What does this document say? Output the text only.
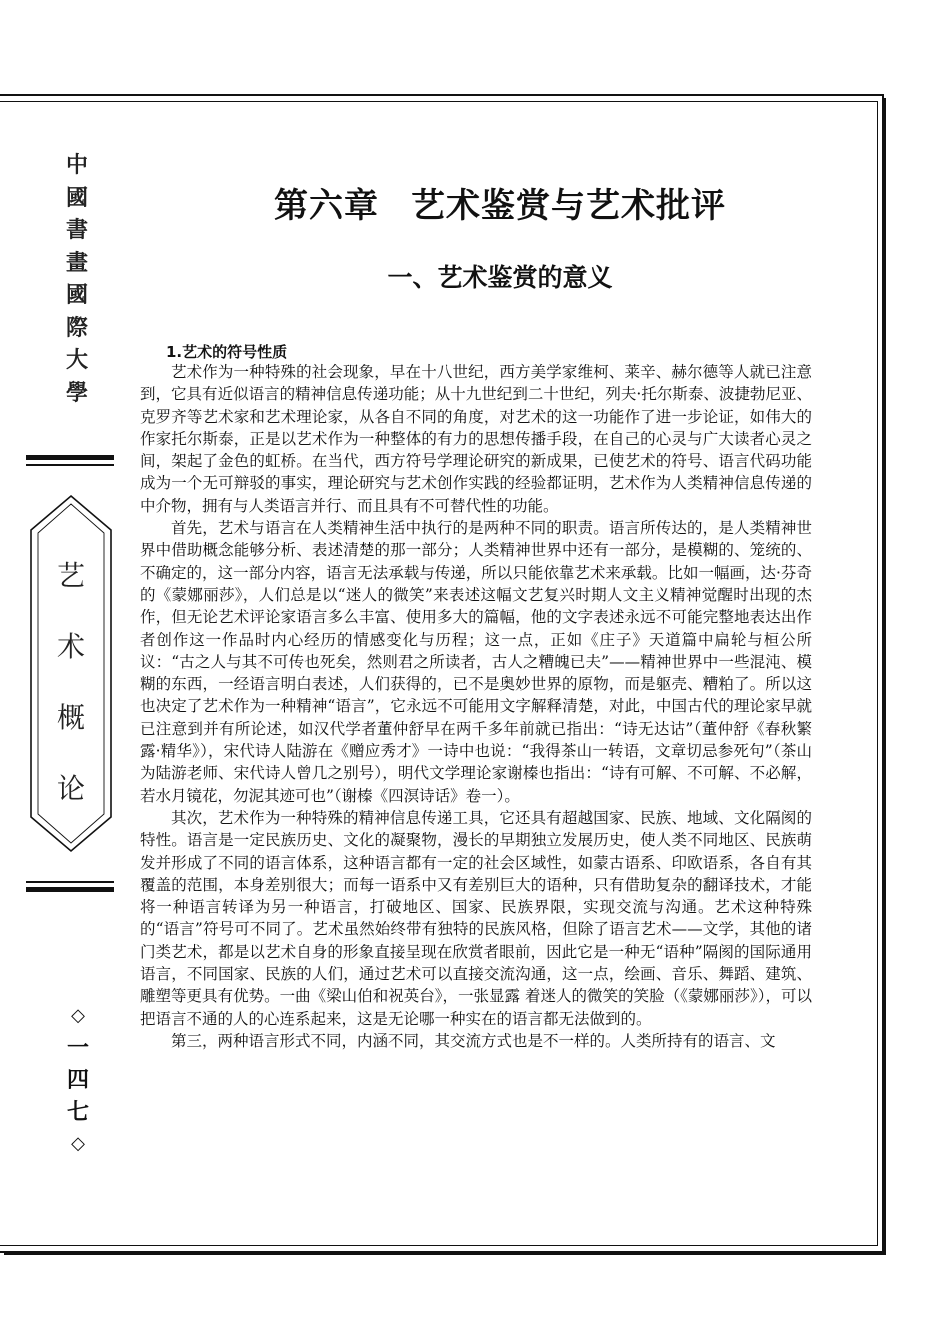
中
國
書
畫
國
際
大
學
艺
术
概
论
◇
一
四
七
◇
第六章 艺术鉴赏与艺术批评
一、艺术鉴赏的意义
1.艺术的符号性质

艺术作为一种特殊的社会现象，早在十八世纪，西方美学家维柯、莱辛、赫尔德等人就已注意到，它具有近似语言的精神信息传递功能；从十九世纪到二十世纪，列夫·托尔斯泰、波捷勃尼亚、克罗齐等艺术家和艺术理论家，从各自不同的角度，对艺术的这一功能作了进一步论证，如伟大的作家托尔斯泰，正是以艺术作为一种整体的有力的思想传播手段，在自己的心灵与广大读者心灵之间，架起了金色的虹桥。在当代，西方符号学理论研究的新成果，已使艺术的符号、语言代码功能成为一个无可辩驳的事实，理论研究与艺术创作实践的经验都证明，艺术作为人类精神信息传递的中介物，拥有与人类语言并行、而且具有不可替代性的功能。

首先，艺术与语言在人类精神生活中执行的是两种不同的职责。语言所传达的，是人类精神世界中借助概念能够分析、表述清楚的那一部分；人类精神世界中还有一部分，是模糊的、笼统的、不确定的，这一部分内容，语言无法承载与传递，所以只能依靠艺术来承载。比如一幅画，达·芬奇的《蒙娜丽莎》，人们总是以“迷人的微笑”来表述这幅文艺复兴时期人文主义精神觉醒时出现的杰作，但无论艺术评论家语言多么丰富、使用多大的篇幅，他的文字表述永远不可能完整地表达出作者创作这一作品时内心经历的情感变化与历程；这一点，正如《庄子》天道篇中扁轮与桓公所议：“古之人与其不可传也死矣，然则君之所读者，古人之糟魄已夫”——精神世界中一些混沌、模糊的东西，一经语言明白表述，人们获得的，已不是奥妙世界的原物，而是躯壳、糟粕了。所以这也决定了艺术作为一种精神“语言”，它永远不可能用文字解释清楚，对此，中国古代的理论家早就已注意到并有所论述，如汉代学者董仲舒早在两千多年前就已指出：“诗无达诂”（董仲舒《春秋繁露·精华》），宋代诗人陆游在《赠应秀才》一诗中也说：“我得茶山一转语，文章切忌参死句”（茶山为陆游老师、宋代诗人曾几之别号），明代文学理论家谢榛也指出：“诗有可解、不可解、不必解，若水月镜花，勿泥其迹可也”（谢榛《四溟诗话》卷一）。

其次，艺术作为一种特殊的精神信息传递工具，它还具有超越国家、民族、地域、文化隔阂的特性。语言是一定民族历史、文化的凝聚物，漫长的早期独立发展历史，使人类不同地区、民族萌发并形成了不同的语言体系，这种语言都有一定的社会区域性，如蒙古语系、印欧语系，各自有其覆盖的范围，本身差别很大；而每一语系中又有差别巨大的语种，只有借助复杂的翻译技术，才能将一种语言转译为另一种语言，打破地区、国家、民族界限，实现交流与沟通。艺术这种特殊的“语言”符号可不同了。艺术虽然始终带有独特的民族风格，但除了语言艺术——文学，其他的诸门类艺术，都是以艺术自身的形象直接呈现在欣赏者眼前，因此它是一种无“语种”隔阂的国际通用语言，不同国家、民族的人们，通过艺术可以直接交流沟通，这一点，绘画、音乐、舞蹈、建筑、雕塑等更具有优势。一曲《梁山伯和祝英台》，一张显露 着迷人的微笑的笑脸（《蒙娜丽莎》），可以把语言不通的人的心连系起来，这是无论哪一种实在的语言都无法做到的。

第三，两种语言形式不同，内涵不同，其交流方式也是不一样的。人类所持有的语言、文
